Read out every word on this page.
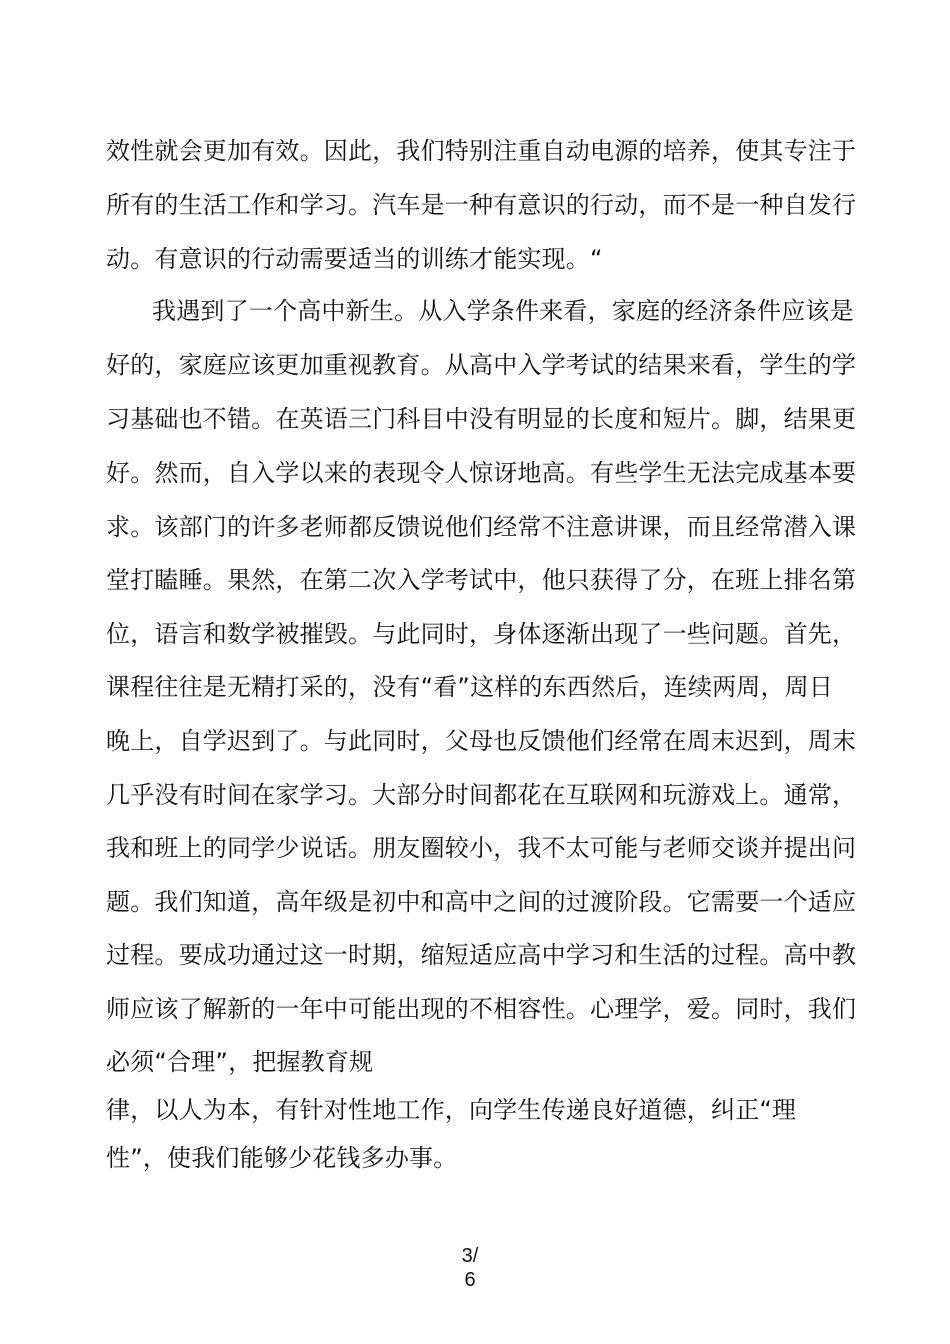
效性就会更加有效。因此，我们特别注重自动电源的培养，使其专注于
所有的生活工作和学习。汽车是一种有意识的行动，而不是一种自发行
动。有意识的行动需要适当的训练才能实现。“
我遇到了一个高中新生。从入学条件来看，家庭的经济条件应该是
好的，家庭应该更加重视教育。从高中入学考试的结果来看，学生的学
习基础也不错。在英语三门科目中没有明显的长度和短片。脚，结果更
好。然而，自入学以来的表现令人惊讶地高。有些学生无法完成基本要
求。该部门的许多老师都反馈说他们经常不注意讲课，而且经常潜入课
堂打瞌睡。果然，在第二次入学考试中，他只获得了分，在班上排名第
位，语言和数学被摧毁。与此同时，身体逐渐出现了一些问题。首先，
课程往往是无精打采的，没有“看”这样的东西然后，连续两周，周日
晚上，自学迟到了。与此同时，父母也反馈他们经常在周末迟到，周末
几乎没有时间在家学习。大部分时间都花在互联网和玩游戏上。通常，
我和班上的同学少说话。朋友圈较小，我不太可能与老师交谈并提出问
题。我们知道，高年级是初中和高中之间的过渡阶段。它需要一个适应
过程。要成功通过这一时期，缩短适应高中学习和生活的过程。高中教
师应该了解新的一年中可能出现的不相容性。心理学，爱。同时，我们
必须“合理”，把握教育规
律，以人为本，有针对性地工作，向学生传递良好道德，纠正“理
性”，使我们能够少花钱多办事。
3/
6
